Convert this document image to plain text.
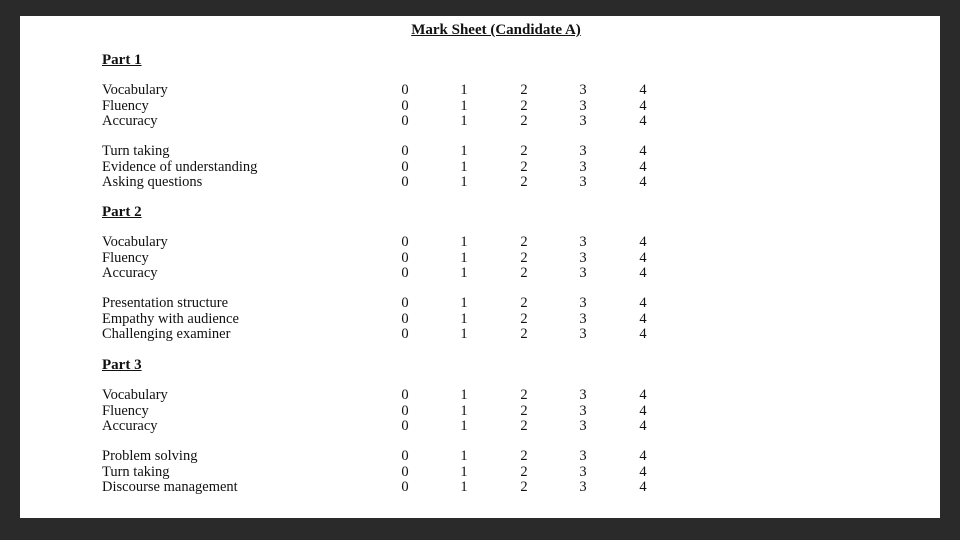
Mark Sheet (Candidate A)
Part 1
Vocabulary	0	1	2	3	4
Fluency	0	1	2	3	4
Accuracy	0	1	2	3	4
Turn taking	0	1	2	3	4
Evidence of understanding	0	1	2	3	4
Asking questions	0	1	2	3	4
Part 2
Vocabulary	0	1	2	3	4
Fluency	0	1	2	3	4
Accuracy	0	1	2	3	4
Presentation structure	0	1	2	3	4
Empathy with audience	0	1	2	3	4
Challenging examiner	0	1	2	3	4
Part 3
Vocabulary	0	1	2	3	4
Fluency	0	1	2	3	4
Accuracy	0	1	2	3	4
Problem solving	0	1	2	3	4
Turn taking	0	1	2	3	4
Discourse management	0	1	2	3	4
